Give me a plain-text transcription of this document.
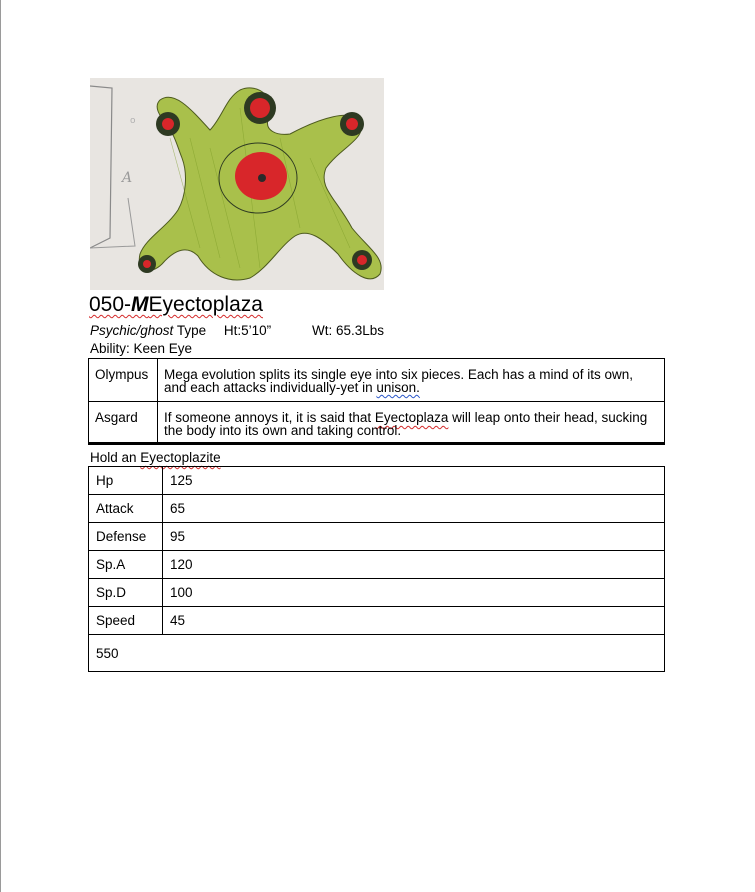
A
o
050-MEyectoplaza
Psychic/ghost Type Ht:5’10”	Wt: 65.3Lbs
Ability: Keen Eye
Olympus	Mega evolution splits its single eye into six pieces. Each has a mind of its own, and each attacks individually-yet in unison.
Asgard	If someone annoys it, it is said that Eyectoplaza will leap onto their head, sucking the body into its own and taking control.
Hold an Eyectoplazite
Hp	125
Attack	65
Defense	95
Sp.A	120
Sp.D	100
Speed	45
550	
